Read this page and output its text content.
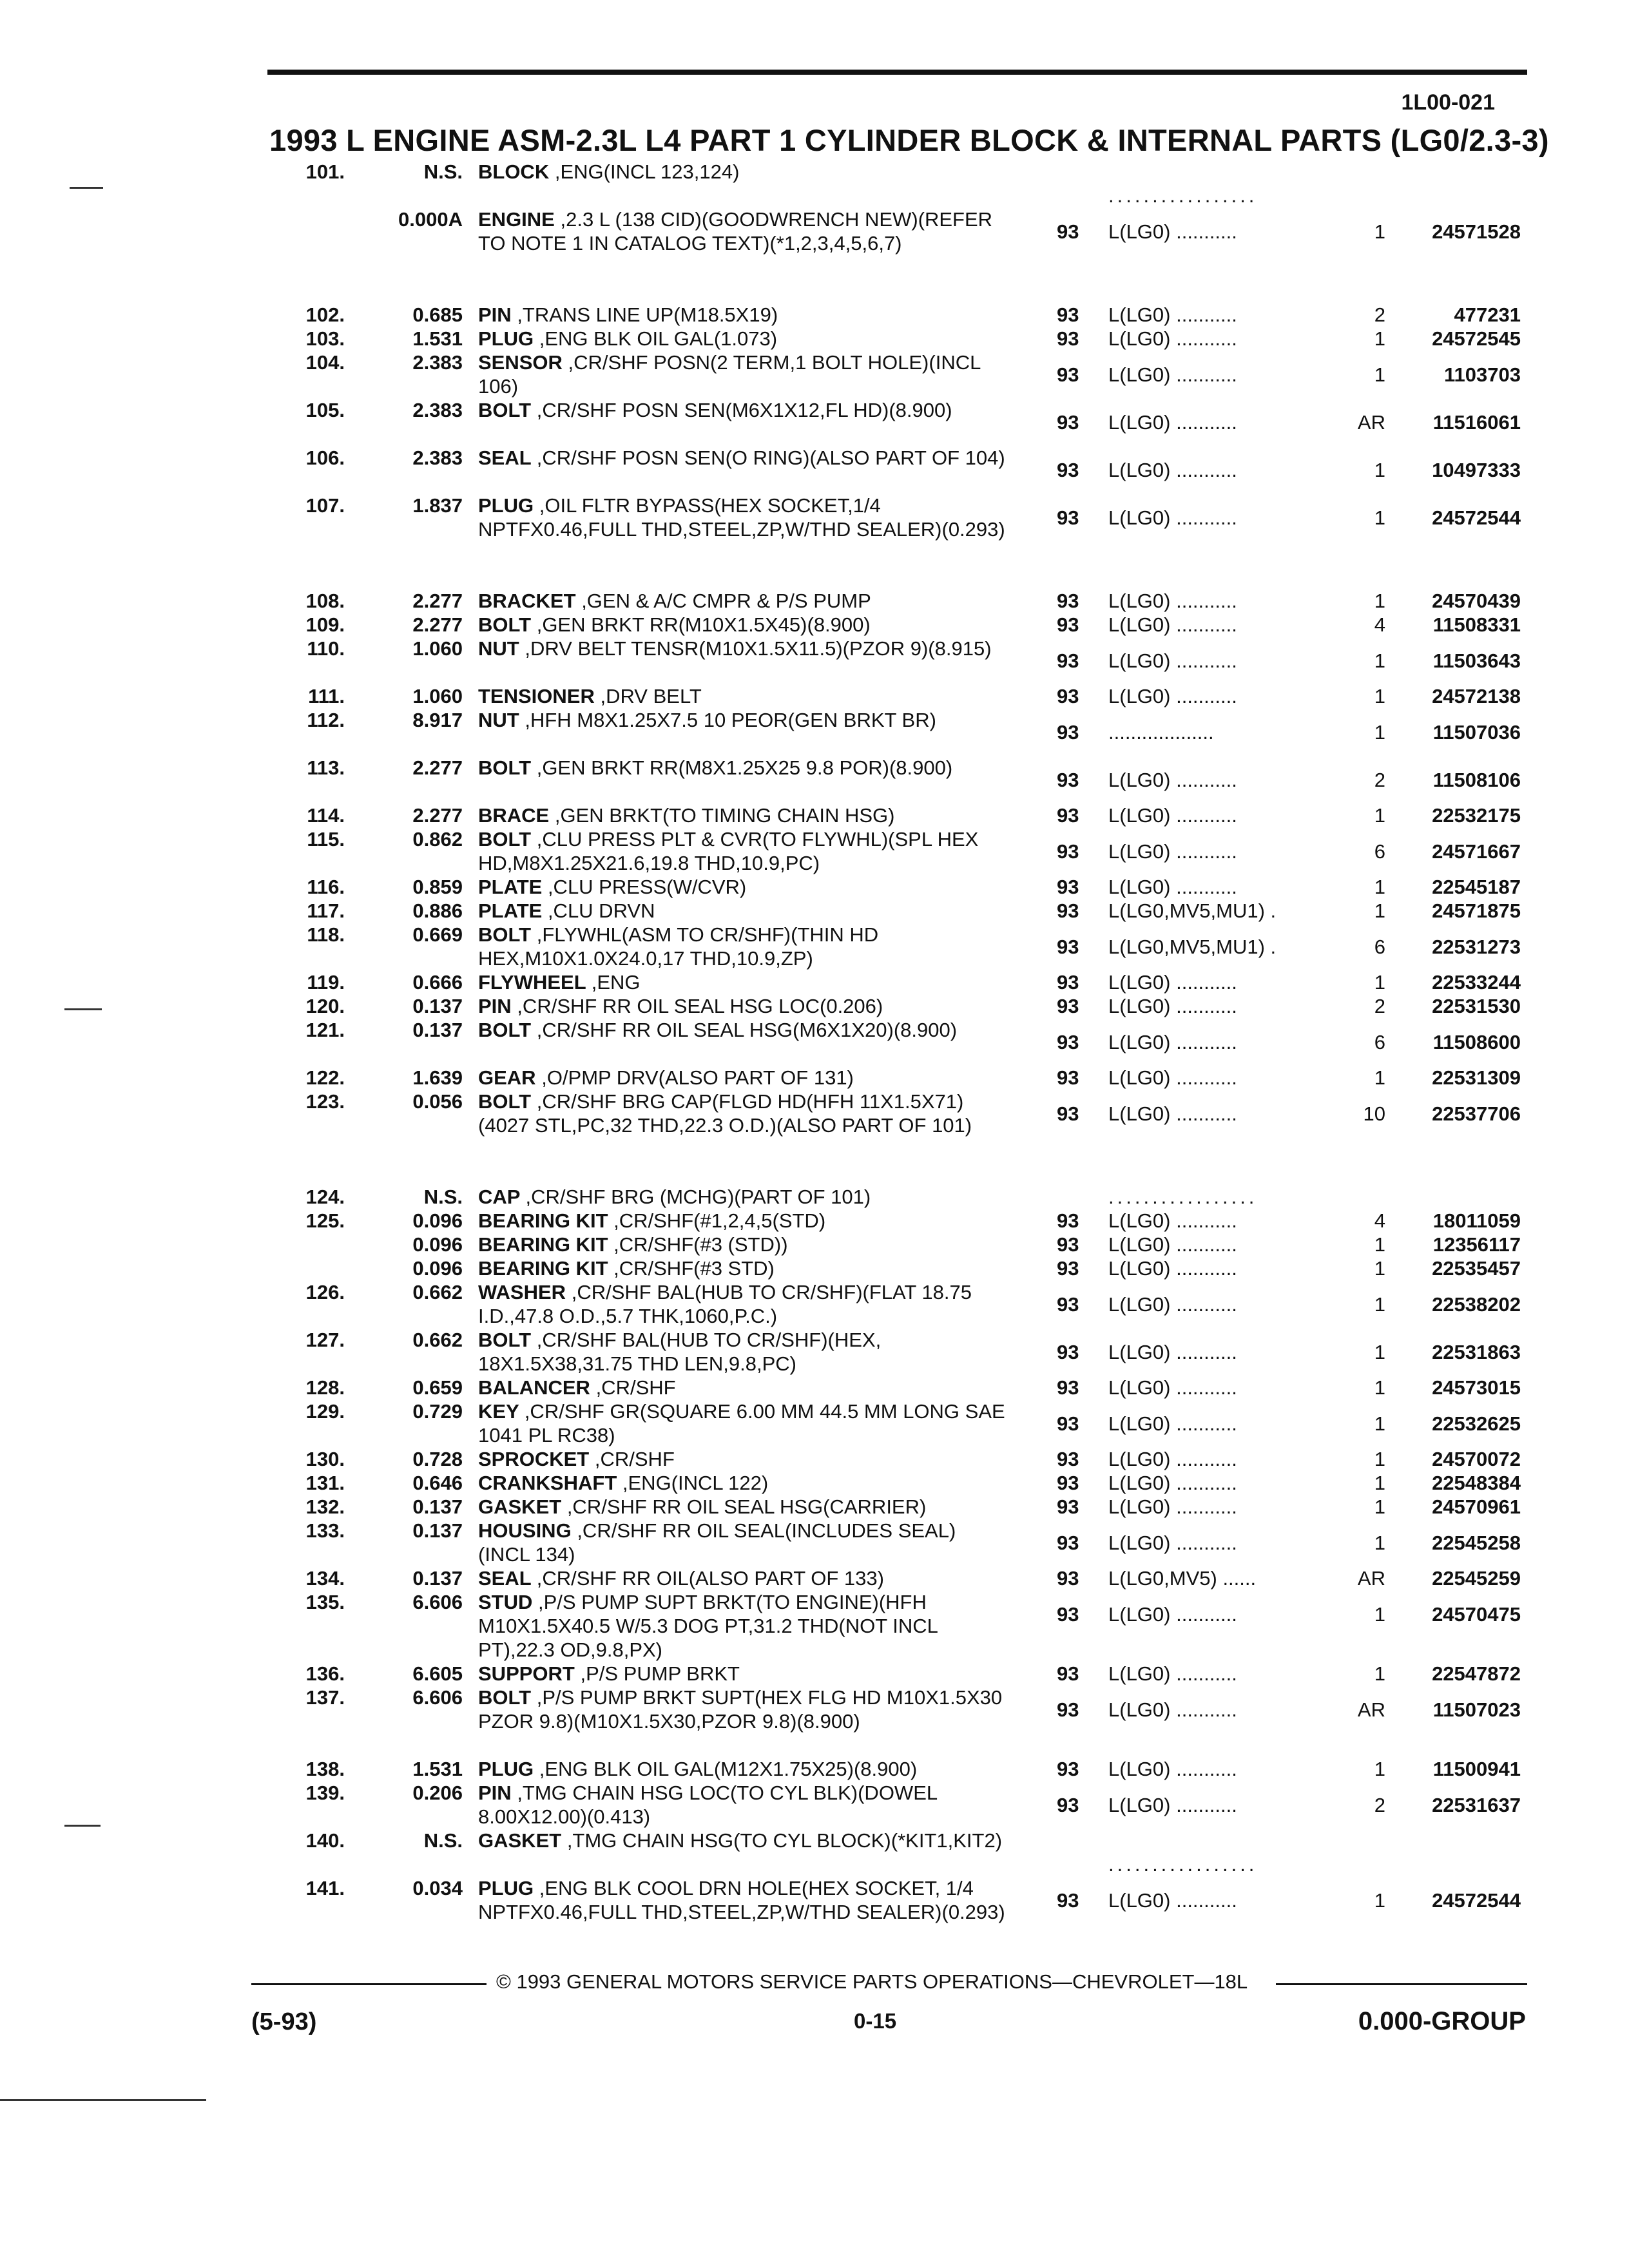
1L00-021
1993 L ENGINE ASM-2.3L L4 PART 1 CYLINDER BLOCK & INTERNAL PARTS (LG0/2.3-3)
101.	N.S. BLOCK ,ENG(INCL 123,124)
.................
0.000A ENGINE ,2.3 L (138 CID)(GOODWRENCH NEW)(REFER TO NOTE 1 IN CATALOG TEXT)(*1,2,3,4,5,6,7)
93	L(LG0) ...........	1	24571528
102.	0.685 PIN ,TRANS LINE UP(M18.5X19)	93	L(LG0) ...........	2	477231
103.	1.531 PLUG ,ENG BLK OIL GAL(1.073)	93	L(LG0) ...........	1	24572545
104.	2.383 SENSOR ,CR/SHF POSN(2 TERM,1 BOLT HOLE)(INCL 106)
93	L(LG0) ...........	1	1103703
105.	2.383 BOLT ,CR/SHF POSN SEN(M6X1X12,FL HD)(8.900)
93	L(LG0) ...........	AR	11516061
106.	2.383 SEAL ,CR/SHF POSN SEN(O RING)(ALSO PART OF 104)
93	L(LG0) ...........	1	10497333
107.	1.837 PLUG ,OIL FLTR BYPASS(HEX SOCKET,1/4 NPTFX0.46,FULL THD,STEEL,ZP,W/THD SEALER)(0.293)
93	L(LG0) ...........	1	24572544
108.	2.277 BRACKET ,GEN & A/C CMPR & P/S PUMP	93	L(LG0) ...........	1	24570439
109.	2.277 BOLT ,GEN BRKT RR(M10X1.5X45)(8.900)	93	L(LG0) ...........	4	11508331
110.	1.060 NUT ,DRV BELT TENSR(M10X1.5X11.5)(PZOR 9)(8.915)
93	L(LG0) ...........	1	11503643
111.	1.060 TENSIONER ,DRV BELT	93	L(LG0) ...........	1	24572138
112.	8.917 NUT ,HFH M8X1.25X7.5 10 PEOR(GEN BRKT BR)
93	...................	1	11507036
113.	2.277 BOLT ,GEN BRKT RR(M8X1.25X25 9.8 POR)(8.900)
93	L(LG0) ...........	2	11508106
114.	2.277 BRACE ,GEN BRKT(TO TIMING CHAIN HSG)	93	L(LG0) ...........	1	22532175
115.	0.862 BOLT ,CLU PRESS PLT & CVR(TO FLYWHL)(SPL HEX HD,M8X1.25X21.6,19.8 THD,10.9,PC)
93	L(LG0) ...........	6	24571667
116.	0.859 PLATE ,CLU PRESS(W/CVR)	93	L(LG0) ...........	1	22545187
117.	0.886 PLATE ,CLU DRVN	93	L(LG0,MV5,MU1) .	1	24571875
118.	0.669 BOLT ,FLYWHL(ASM TO CR/SHF)(THIN HD HEX,M10X1.0X24.0,17 THD,10.9,ZP)
93	L(LG0,MV5,MU1) .	6	22531273
119.	0.666 FLYWHEEL ,ENG	93	L(LG0) ...........	1	22533244
120.	0.137 PIN ,CR/SHF RR OIL SEAL HSG LOC(0.206)	93	L(LG0) ...........	2	22531530
121.	0.137 BOLT ,CR/SHF RR OIL SEAL HSG(M6X1X20)(8.900)
93	L(LG0) ...........	6	11508600
122.	1.639 GEAR ,O/PMP DRV(ALSO PART OF 131)	93	L(LG0) ...........	1	22531309
123.	0.056 BOLT ,CR/SHF BRG CAP(FLGD HD(HFH 11X1.5X71)(4027 STL,PC,32 THD,22.3 O.D.)(ALSO PART OF 101)
93	L(LG0) ...........	10	22537706
124.	N.S. CAP ,CR/SHF BRG (MCHG)(PART OF 101)	.................
125.	0.096 BEARING KIT ,CR/SHF(#1,2,4,5(STD)	93	L(LG0) ...........	4	18011059
0.096 BEARING KIT ,CR/SHF(#3 (STD))	93	L(LG0) ...........	1	12356117
0.096 BEARING KIT ,CR/SHF(#3 STD)	93	L(LG0) ...........	1	22535457
126.	0.662 WASHER ,CR/SHF BAL(HUB TO CR/SHF)(FLAT 18.75 I.D.,47.8 O.D.,5.7 THK,1060,P.C.)
93	L(LG0) ...........	1	22538202
127.	0.662 BOLT ,CR/SHF BAL(HUB TO CR/SHF)(HEX, 18X1.5X38,31.75 THD LEN,9.8,PC)
93	L(LG0) ...........	1	22531863
128.	0.659 BALANCER ,CR/SHF	93	L(LG0) ...........	1	24573015
129.	0.729 KEY ,CR/SHF GR(SQUARE 6.00 MM 44.5 MM LONG SAE 1041 PL RC38)
93	L(LG0) ...........	1	22532625
130.	0.728 SPROCKET ,CR/SHF	93	L(LG0) ...........	1	24570072
131.	0.646 CRANKSHAFT ,ENG(INCL 122)	93	L(LG0) ...........	1	22548384
132.	0.137 GASKET ,CR/SHF RR OIL SEAL HSG(CARRIER)	93	L(LG0) ...........	1	24570961
133.	0.137 HOUSING ,CR/SHF RR OIL SEAL(INCLUDES SEAL)(INCL 134)
93	L(LG0) ...........	1	22545258
134.	0.137 SEAL ,CR/SHF RR OIL(ALSO PART OF 133)	93	L(LG0,MV5) ......	AR	22545259
135.	6.606 STUD ,P/S PUMP SUPT BRKT(TO ENGINE)(HFH M10X1.5X40.5 W/5.3 DOG PT,31.2 THD(NOT INCL PT),22.3 OD,9.8,PX)
93	L(LG0) ...........	1	24570475
136.	6.605 SUPPORT ,P/S PUMP BRKT	93	L(LG0) ...........	1	22547872
137.	6.606 BOLT ,P/S PUMP BRKT SUPT(HEX FLG HD M10X1.5X30 PZOR 9.8)(M10X1.5X30,PZOR 9.8)(8.900)
93	L(LG0) ...........	AR	11507023
138.	1.531 PLUG ,ENG BLK OIL GAL(M12X1.75X25)(8.900)	93	L(LG0) ...........	1	11500941
139.	0.206 PIN ,TMG CHAIN HSG LOC(TO CYL BLK)(DOWEL 8.00X12.00)(0.413)
93	L(LG0) ...........	2	22531637
140.	N.S. GASKET ,TMG CHAIN HSG(TO CYL BLOCK)(*KIT1,KIT2)
.................
141.	0.034 PLUG ,ENG BLK COOL DRN HOLE(HEX SOCKET, 1/4 NPTFX0.46,FULL THD,STEEL,ZP,W/THD SEALER)(0.293)
93	L(LG0) ...........	1	24572544
© 1993 GENERAL MOTORS SERVICE PARTS OPERATIONS—CHEVROLET—18L
(5-93)	0-15	0.000-GROUP
